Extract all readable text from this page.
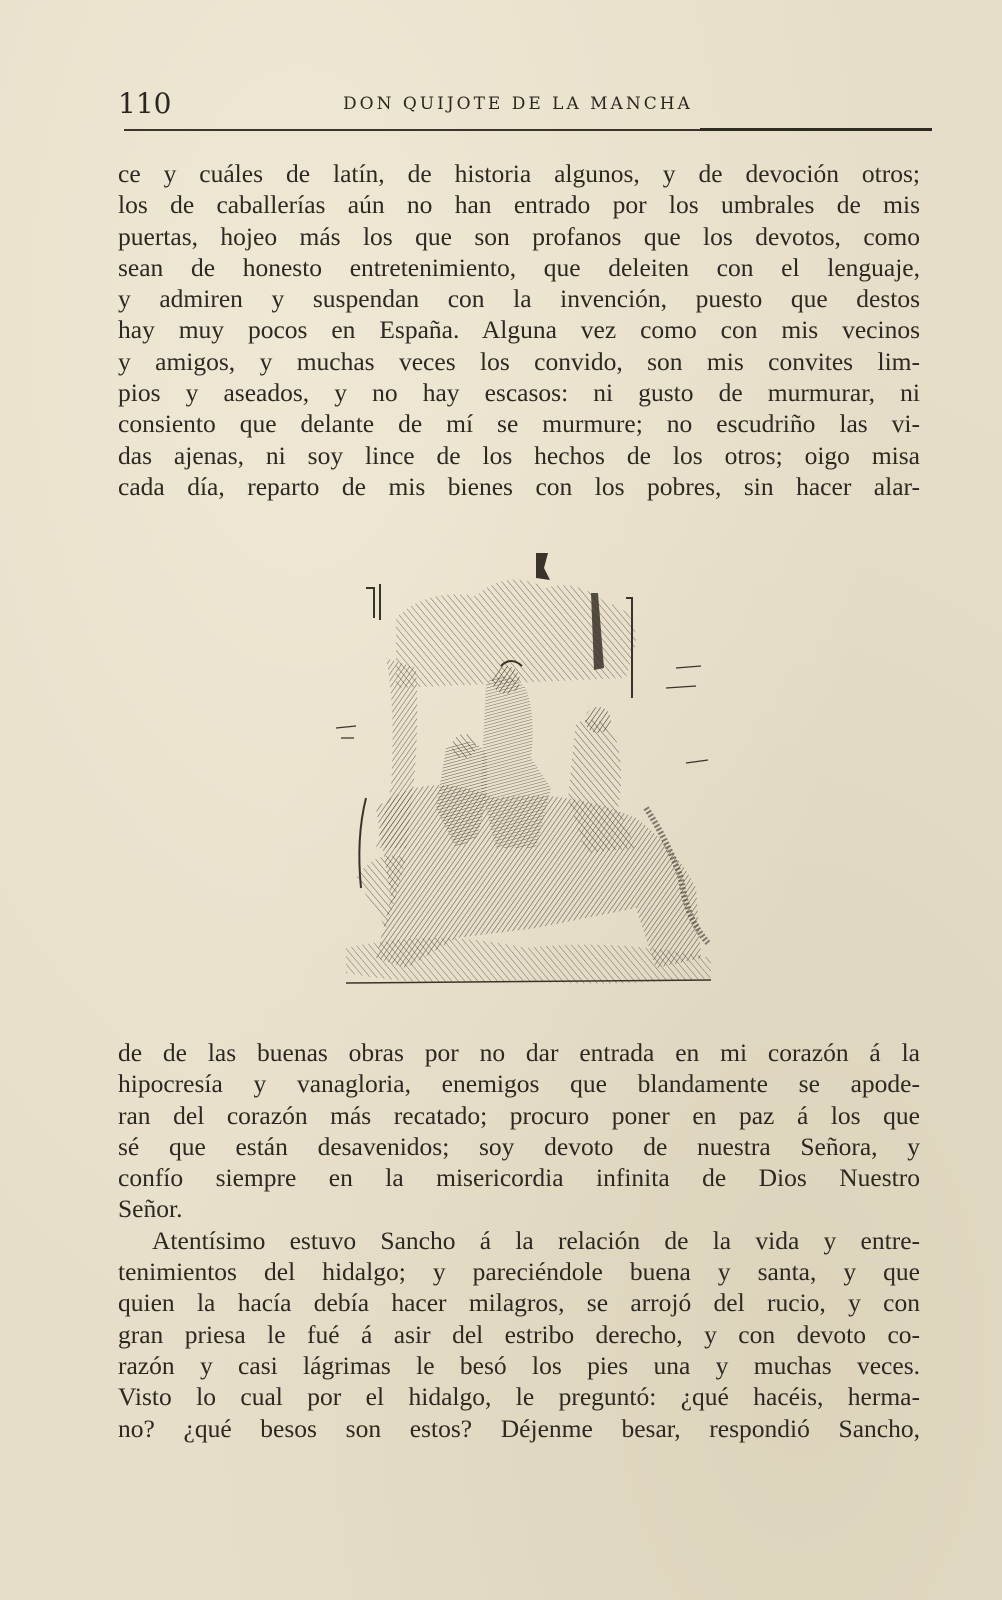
110	DON QUIJOTE DE LA MANCHA
ce y cuáles de latín, de historia algunos, y de devoción otros;
los de caballerías aún no han entrado por los umbrales de mis
puertas, hojeo más los que son profanos que los devotos, como
sean de honesto entretenimiento, que deleiten con el lenguaje,
y admiren y suspendan con la invención, puesto que destos
hay muy pocos en España. Alguna vez como con mis vecinos
y amigos, y muchas veces los convido, son mis convites lim-
pios y aseados, y no hay escasos: ni gusto de murmurar, ni
consiento que delante de mí se murmure; no escudriño las vi-
das ajenas, ni soy lince de los hechos de los otros; oigo misa
cada día, reparto de mis bienes con los pobres, sin hacer alar-
de de las buenas obras por no dar entrada en mi corazón á la
hipocresía y vanagloria, enemigos que blandamente se apode-
ran del corazón más recatado; procuro poner en paz á los que
sé que están desavenidos; soy devoto de nuestra Señora, y
confío siempre en la misericordia infinita de Dios Nuestro
Señor.
Atentísimo estuvo Sancho á la relación de la vida y entre-
tenimientos del hidalgo; y pareciéndole buena y santa, y que
quien la hacía debía hacer milagros, se arrojó del rucio, y con
gran priesa le fué á asir del estribo derecho, y con devoto co-
razón y casi lágrimas le besó los pies una y muchas veces.
Visto lo cual por el hidalgo, le preguntó: ¿qué hacéis, herma-
no? ¿qué besos son estos? Déjenme besar, respondió Sancho,
